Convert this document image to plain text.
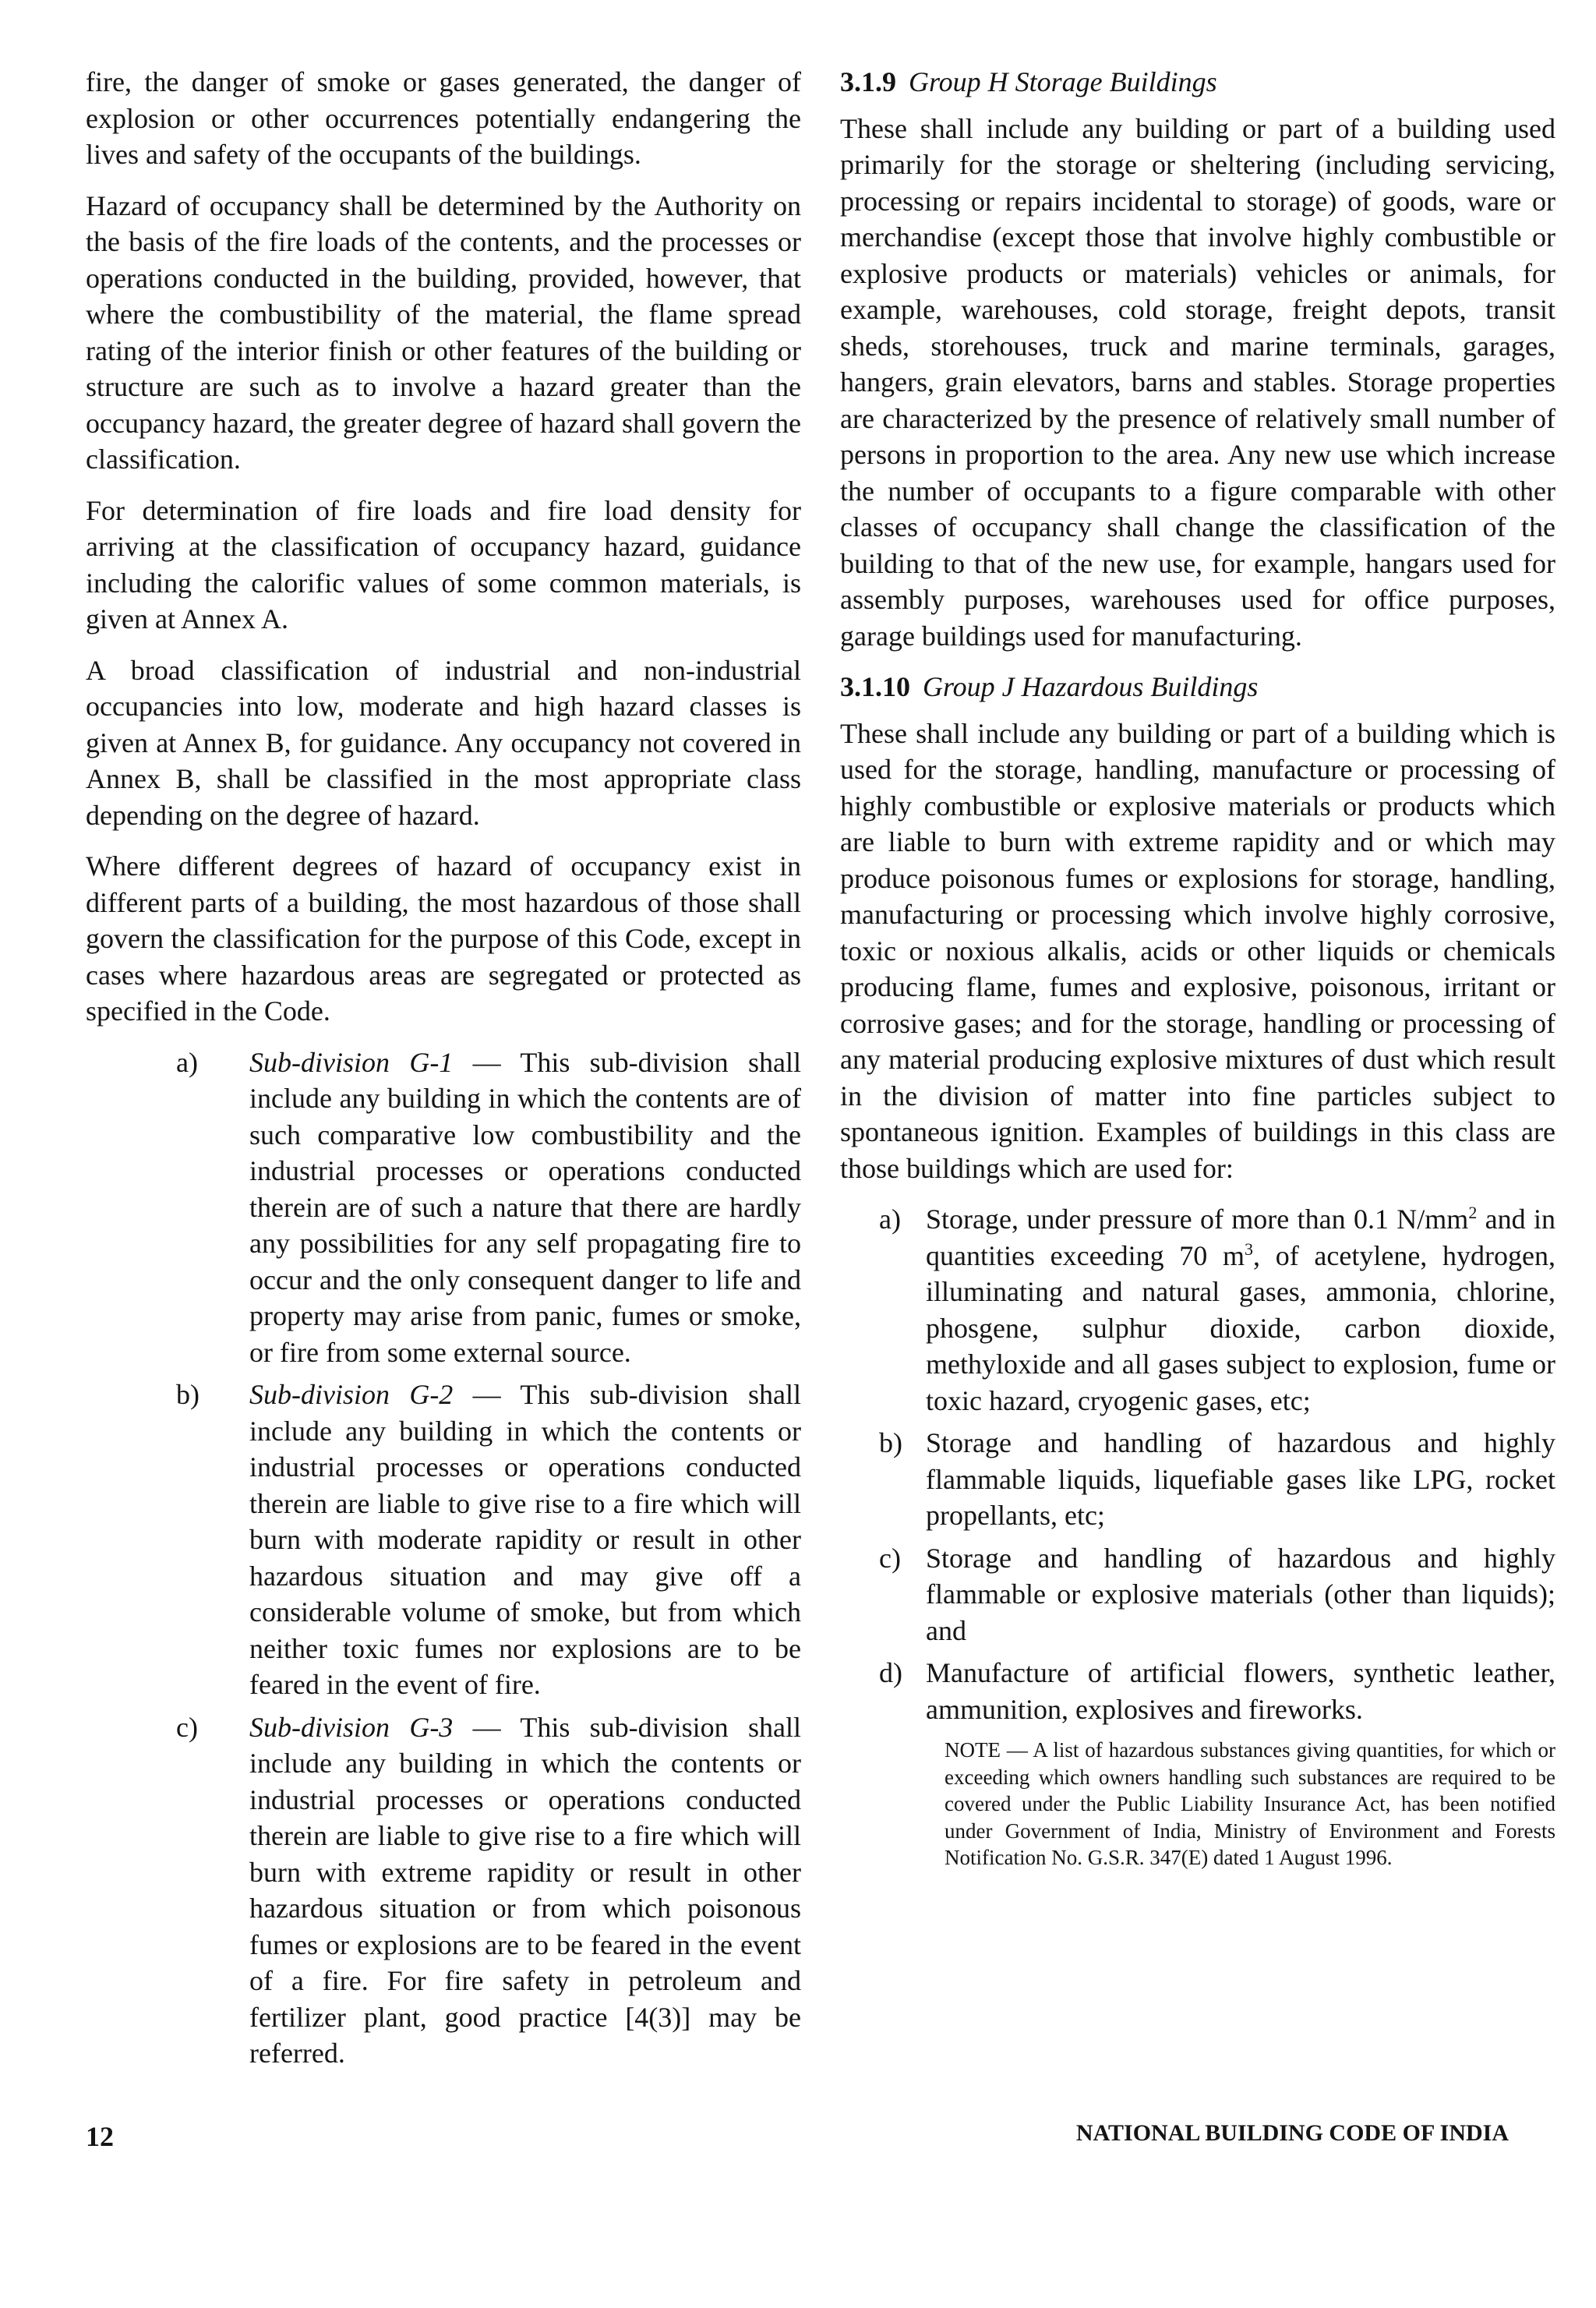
fire, the danger of smoke or gases generated, the danger of explosion or other occurrences potentially endangering the lives and safety of the occupants of the buildings.

Hazard of occupancy shall be determined by the Authority on the basis of the fire loads of the contents, and the processes or operations conducted in the building, provided, however, that where the combustibility of the material, the flame spread rating of the interior finish or other features of the building or structure are such as to involve a hazard greater than the occupancy hazard, the greater degree of hazard shall govern the classification.

For determination of fire loads and fire load density for arriving at the classification of occupancy hazard, guidance including the calorific values of some common materials, is given at Annex A.

A broad classification of industrial and non-industrial occupancies into low, moderate and high hazard classes is given at Annex B, for guidance. Any occupancy not covered in Annex B, shall be classified in the most appropriate class depending on the degree of hazard.

Where different degrees of hazard of occupancy exist in different parts of a building, the most hazardous of those shall govern the classification for the purpose of this Code, except in cases where hazardous areas are segregated or protected as specified in the Code.

a)	Sub-division G-1 — This sub-division shall include any building in which the contents are of such comparative low combustibility and the industrial processes or operations conducted therein are of such a nature that there are hardly any possibilities for any self propagating fire to occur and the only consequent danger to life and property may arise from panic, fumes or smoke, or fire from some external source.
b)	Sub-division G-2 — This sub-division shall include any building in which the contents or industrial processes or operations conducted therein are liable to give rise to a fire which will burn with moderate rapidity or result in other hazardous situation and may give off a considerable volume of smoke, but from which neither toxic fumes nor explosions are to be feared in the event of fire.
c)	Sub-division G-3 — This sub-division shall include any building in which the contents or industrial processes or operations conducted therein are liable to give rise to a fire which will burn with extreme rapidity or result in other hazardous situation or from which poisonous fumes or explosions are to be feared in the event of a fire. For fire safety in petroleum and fertilizer plant, good practice [4(3)] may be referred.
3.1.9 Group H Storage Buildings

These shall include any building or part of a building used primarily for the storage or sheltering (including servicing, processing or repairs incidental to storage) of goods, ware or merchandise (except those that involve highly combustible or explosive products or materials) vehicles or animals, for example, warehouses, cold storage, freight depots, transit sheds, storehouses, truck and marine terminals, garages, hangers, grain elevators, barns and stables. Storage properties are characterized by the presence of relatively small number of persons in proportion to the area. Any new use which increase the number of occupants to a figure comparable with other classes of occupancy shall change the classification of the building to that of the new use, for example, hangars used for assembly purposes, warehouses used for office purposes, garage buildings used for manufacturing.

3.1.10 Group J Hazardous Buildings

These shall include any building or part of a building which is used for the storage, handling, manufacture or processing of highly combustible or explosive materials or products which are liable to burn with extreme rapidity and or which may produce poisonous fumes or explosions for storage, handling, manufacturing or processing which involve highly corrosive, toxic or noxious alkalis, acids or other liquids or chemicals producing flame, fumes and explosive, poisonous, irritant or corrosive gases; and for the storage, handling or processing of any material producing explosive mixtures of dust which result in the division of matter into fine particles subject to spontaneous ignition. Examples of buildings in this class are those buildings which are used for:

a) Storage, under pressure of more than 0.1 $N/mm^2$ and in quantities exceeding 70 $m^3$, of acetylene, hydrogen, illuminating and natural gases, ammonia, chlorine, phosgene, sulphur dioxide, carbon dioxide, methyloxide and all gases subject to explosion, fume or toxic hazard, cryogenic gases, etc;
b) Storage and handling of hazardous and highly flammable liquids, liquefiable gases like LPG, rocket propellants, etc;
c) Storage and handling of hazardous and highly flammable or explosive materials (other than liquids); and
d) Manufacture of artificial flowers, synthetic leather, ammunition, explosives and fireworks.
NOTE — A list of hazardous substances giving quantities, for which or exceeding which owners handling such substances are required to be covered under the Public Liability Insurance Act, has been notified under Government of India, Ministry of Environment and Forests Notification No. G.S.R. 347(E) dated 1 August 1996.
12	NATIONAL BUILDING CODE OF INDIA
